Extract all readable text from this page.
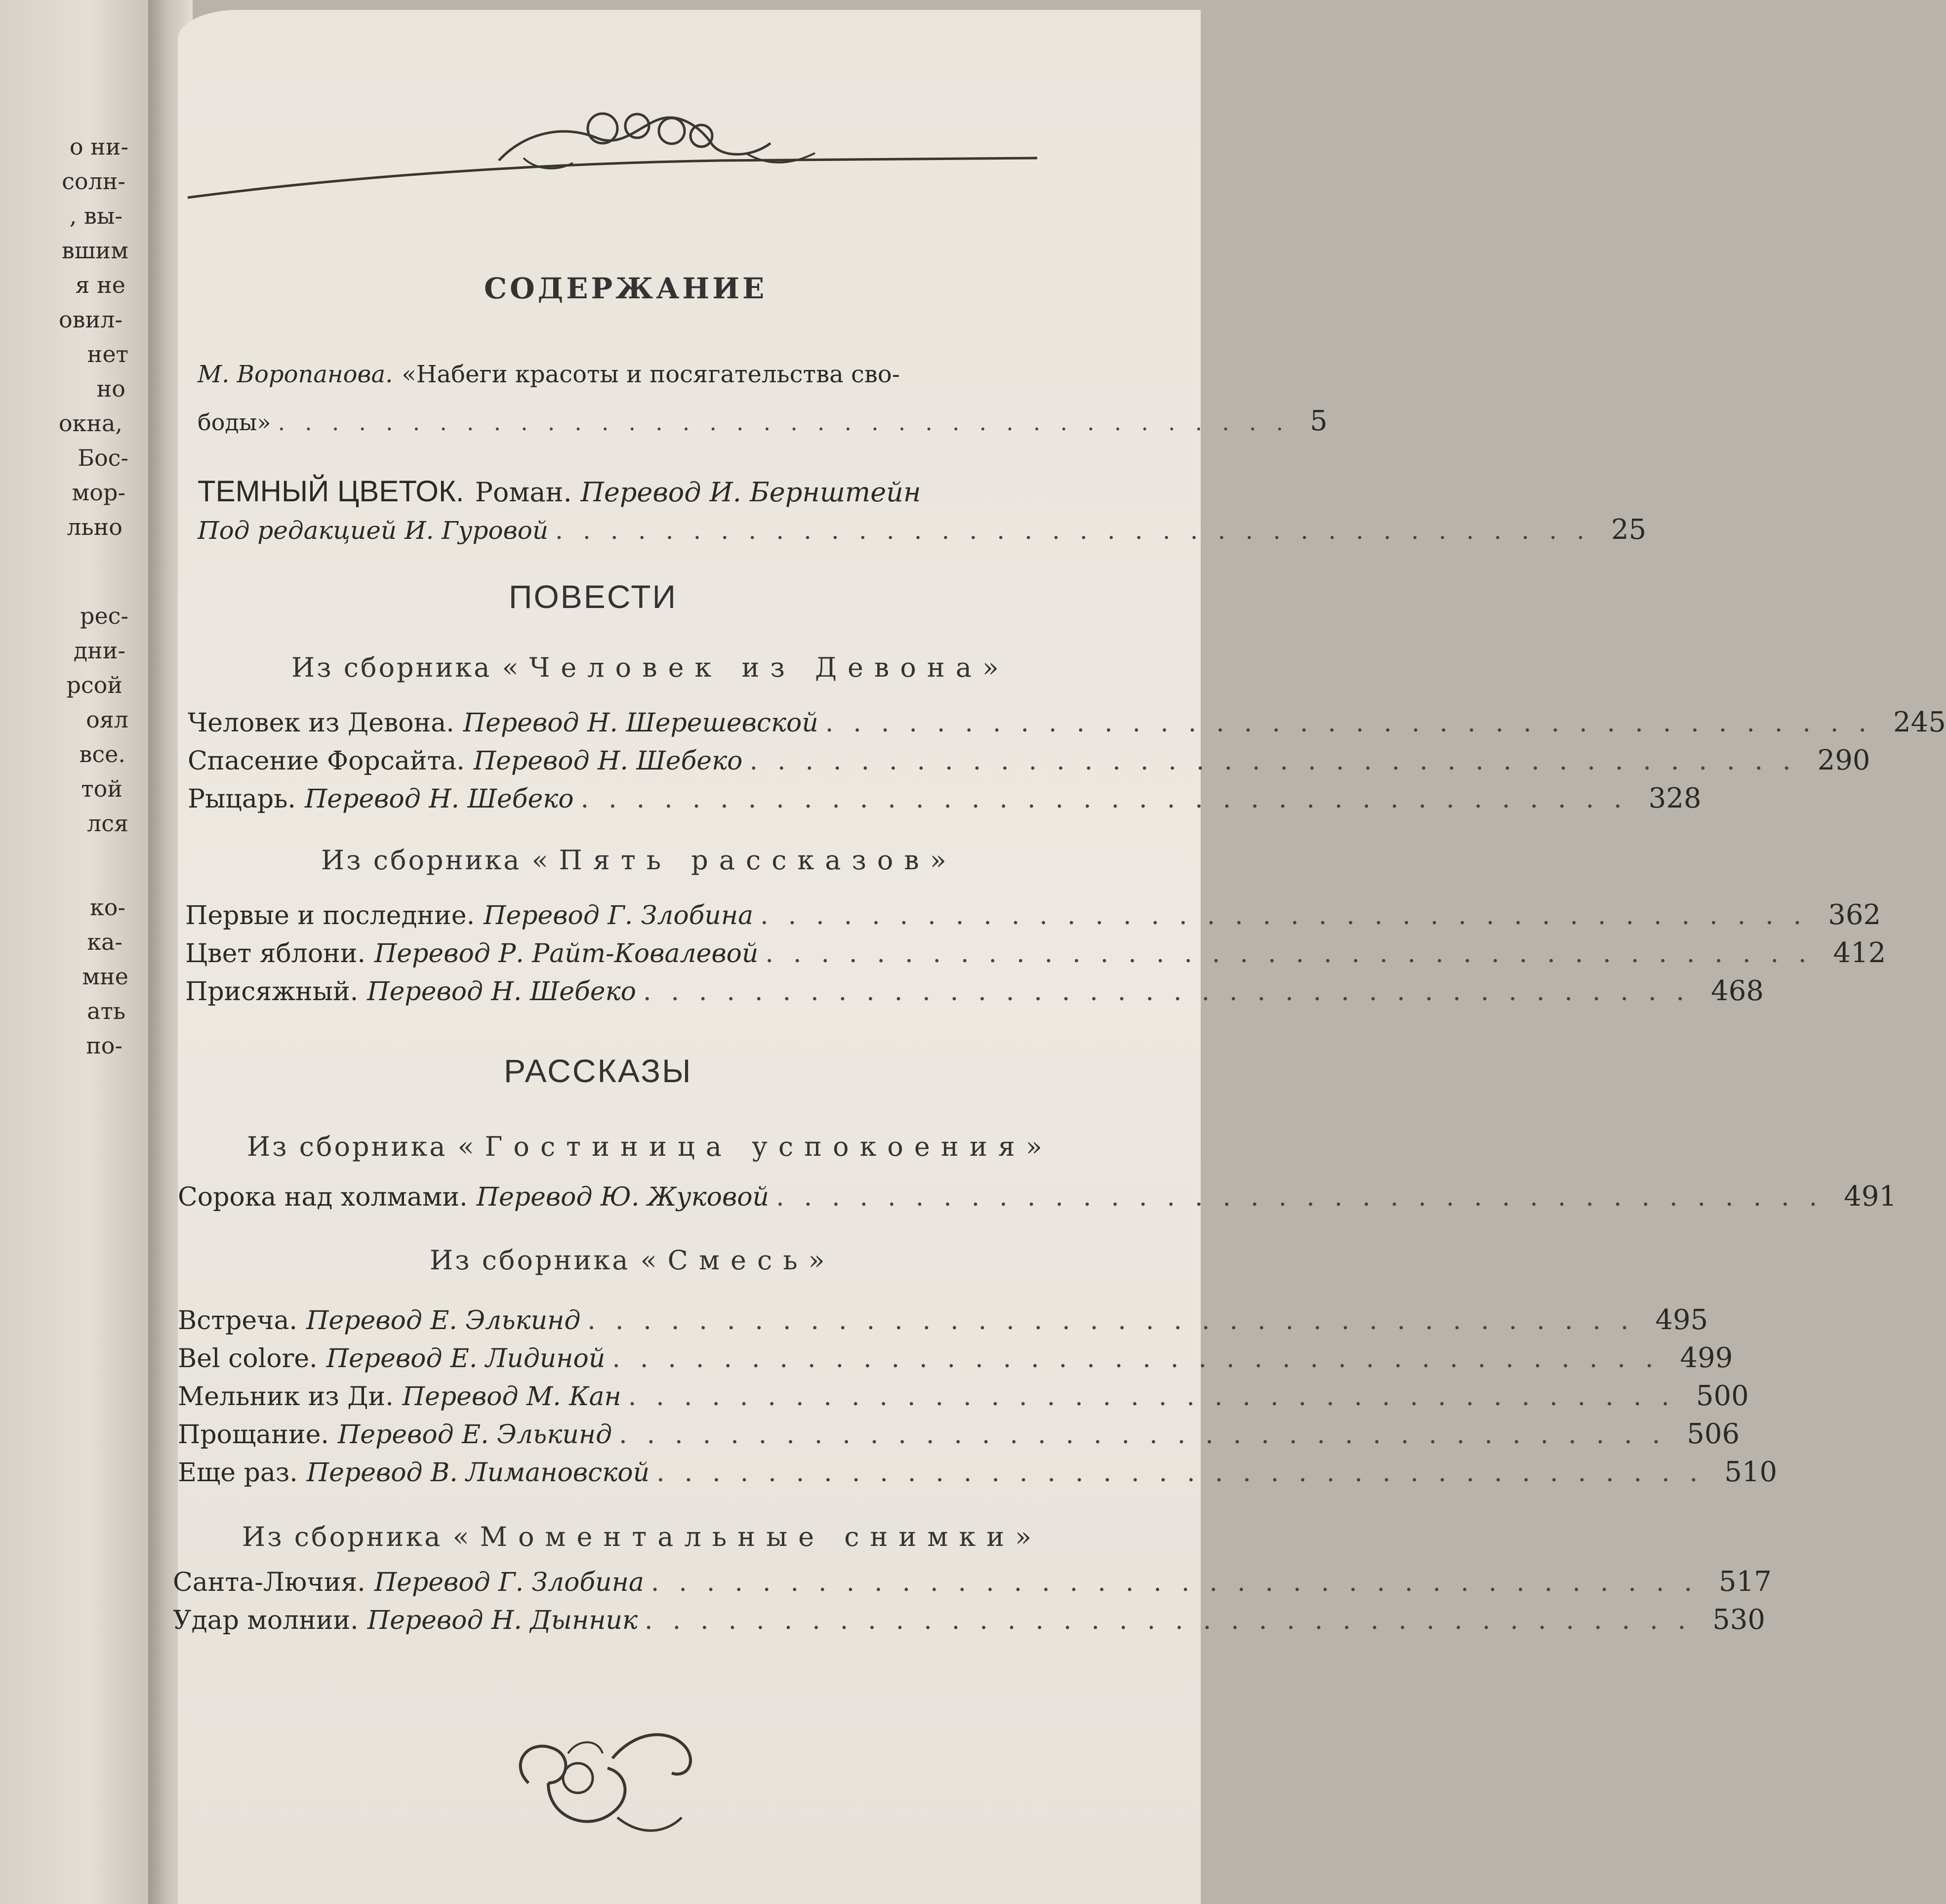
о ни-
солн-
, вы-
вшим
я не
овил-
нет
но
окна,
Бос-
мор-
льно
рес-
дни-
рсой
оял
все.
той
лся
ко-
ка-
мне
ать
по-
СОДЕРЖАНИЕ
М. Воропанова. «Набеги красоты и посягательства сво-
боды» ...................................... 5
ТЕМНЫЙ ЦВЕТОК. Роман. Перевод И. Бернштейн
Под редакцией И. Гуровой ...................................... 25
ПОВЕСТИ
Из сборника «Человек из Девона»
Человек из Девона. Перевод Н. Шерешевской ...................................... 245
Спасение Форсайта. Перевод Н. Шебеко ...................................... 290
Рыцарь. Перевод Н. Шебеко ...................................... 328
Из сборника «Пять рассказов»
Первые и последние. Перевод Г. Злобина ...................................... 362
Цвет яблони. Перевод Р. Райт-Ковалевой ...................................... 412
Присяжный. Перевод Н. Шебеко ...................................... 468
РАССКАЗЫ
Из сборника «Гостиница успокоения»
Сорока над холмами. Перевод Ю. Жуковой ...................................... 491
Из сборника «Смесь»
Встреча. Перевод Е. Элькинд ...................................... 495
Bel colore. Перевод Е. Лидиной ...................................... 499
Мельник из Ди. Перевод М. Кан ...................................... 500
Прощание. Перевод Е. Элькинд ...................................... 506
Еще раз. Перевод В. Лимановской ...................................... 510
Из сборника «Моментальные снимки»
Санта-Лючия. Перевод Г. Злобина ...................................... 517
Удар молнии. Перевод Н. Дынник ...................................... 530
